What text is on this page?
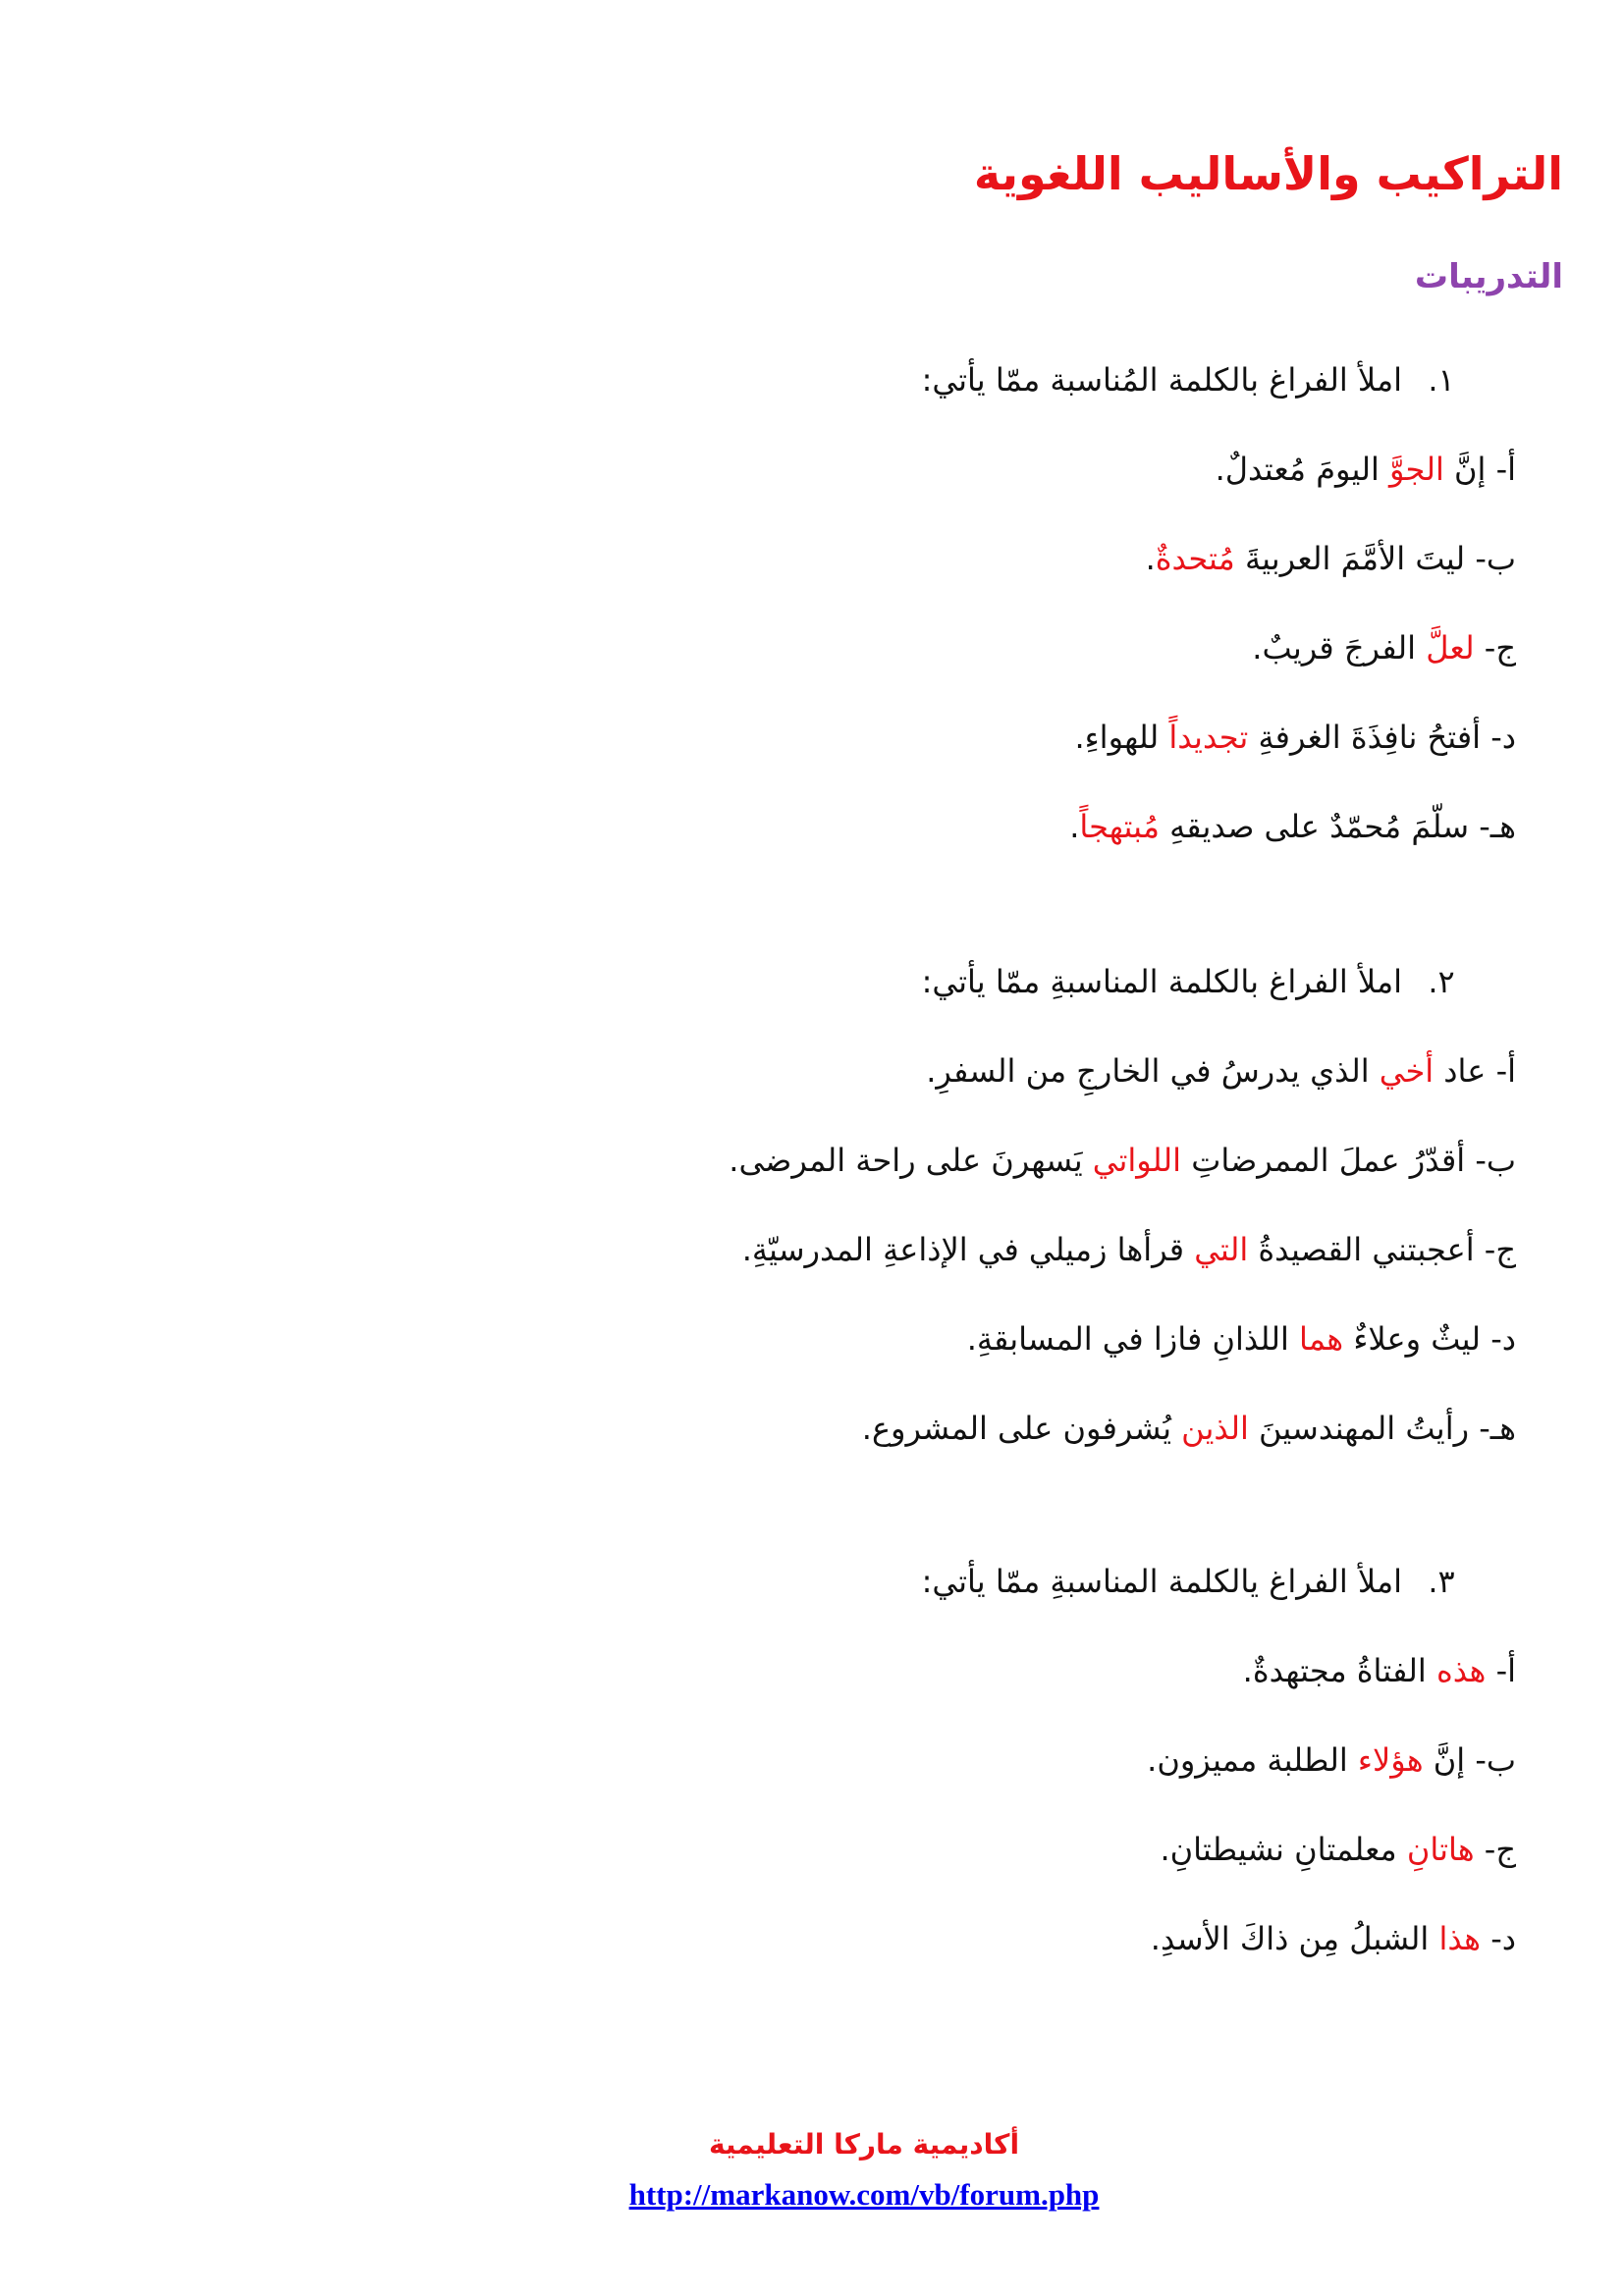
التراكيب والأساليب اللغوية
التدريبات

١.املأ الفراغ بالكلمة المُناسبة ممّا يأتي:

أ- إنَّ الجوَّ اليومَ مُعتدلٌ.

ب- ليتَ الأمَّمَ العربيةَ مُتحدةٌ.

ج- لعلَّ الفرجَ قريبٌ.

د- أفتحُ نافِذَةَ الغرفةِ تجديداً للهواءِ.

هـ- سلّمَ مُحمّدٌ على صديقهِ مُبتهجاً.

٢.املأ الفراغ بالكلمة المناسبةِ ممّا يأتي:

أ- عاد أخي الذي يدرسُ في الخارجِ من السفرِ.

ب- أقدّرُ عملَ الممرضاتِ اللواتي يَسهرنَ على راحة المرضى.

ج- أعجبتني القصيدةُ التي قرأها زميلي في الإذاعةِ المدرسيّةِ.

د- ليثٌ وعلاءٌ هما اللذانِ فازا في المسابقةِ.

هـ- رأيتُ المهندسينَ الذين يُشرفون على المشروع.

٣.املأ الفراغ يالكلمة المناسبةِ ممّا يأتي:

أ- هذه الفتاةُ مجتهدةٌ.

ب- إنَّ هؤلاء الطلبة مميزون.

ج- هاتانِ معلمتانِ نشيطتانِ.

د- هذا الشبلُ مِن ذاكَ الأسدِ.

أكاديمية ماركا التعليمية
http://markanow.com/vb/forum.php
